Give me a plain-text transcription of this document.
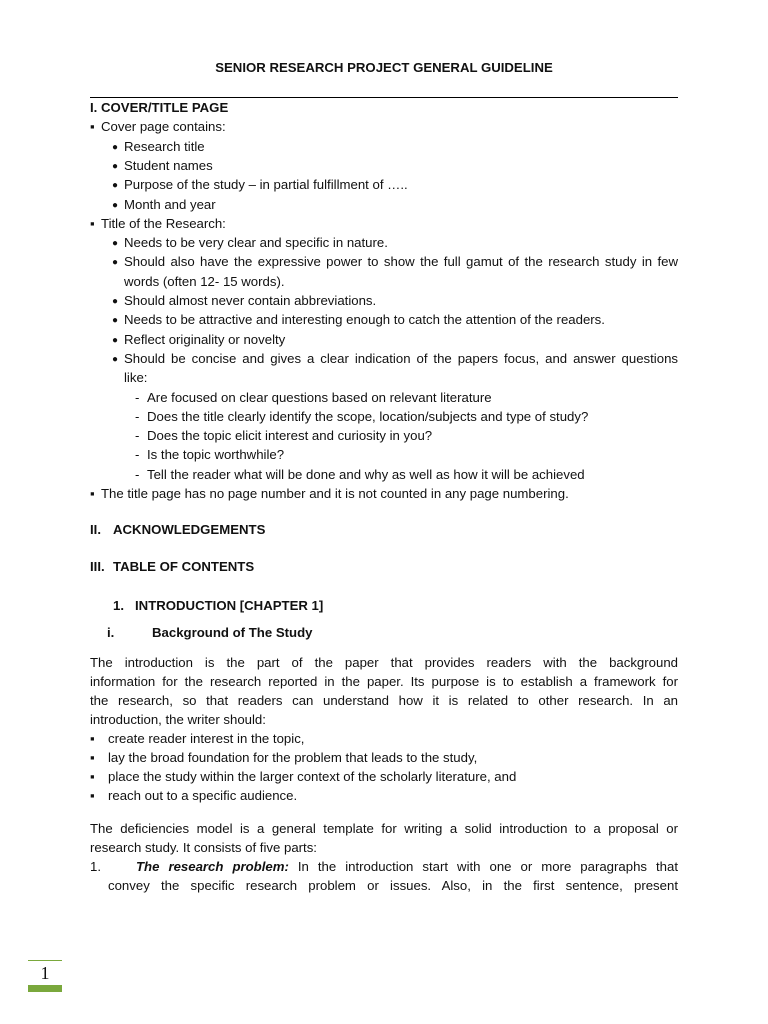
SENIOR RESEARCH PROJECT GENERAL GUIDELINE
I. COVER/TITLE PAGE
▪ Cover page contains:
● Research title
● Student names
● Purpose of the study – in partial fulfillment of …..
● Month and year
▪ Title of the Research:
● Needs to be very clear and specific in nature.
● Should also have the expressive power to show the full gamut of the research study in few
words (often 12- 15 words).
● Should almost never contain abbreviations.
● Needs to be attractive and interesting enough to catch the attention of the readers.
● Reflect originality or novelty
● Should be concise and gives a clear indication of the papers focus, and answer questions
like:
- Are focused on clear questions based on relevant literature
- Does the title clearly identify the scope, location/subjects and type of study?
- Does the topic elicit interest and curiosity in you?
- Is the topic worthwhile?
- Tell the reader what will be done and why as well as how it will be achieved
▪ The title page has no page number and it is not counted in any page numbering.
II. ACKNOWLEDGEMENTS
III. TABLE OF CONTENTS
1. INTRODUCTION [CHAPTER 1]
i.	Background of The Study
The introduction is the part of the paper that provides readers with the background
information for the research reported in the paper. Its purpose is to establish a framework for
the research, so that readers can understand how it is related to other research. In an
introduction, the writer should:
▪ create reader interest in the topic,
▪ lay the broad foundation for the problem that leads to the study,
▪ place the study within the larger context of the scholarly literature, and
▪ reach out to a specific audience.
The deficiencies model is a general template for writing a solid introduction to a proposal or
research study. It consists of five parts:
1.	The research problem: In the introduction start with one or more paragraphs that
convey the specific research problem or issues. Also, in the first sentence, present
1
